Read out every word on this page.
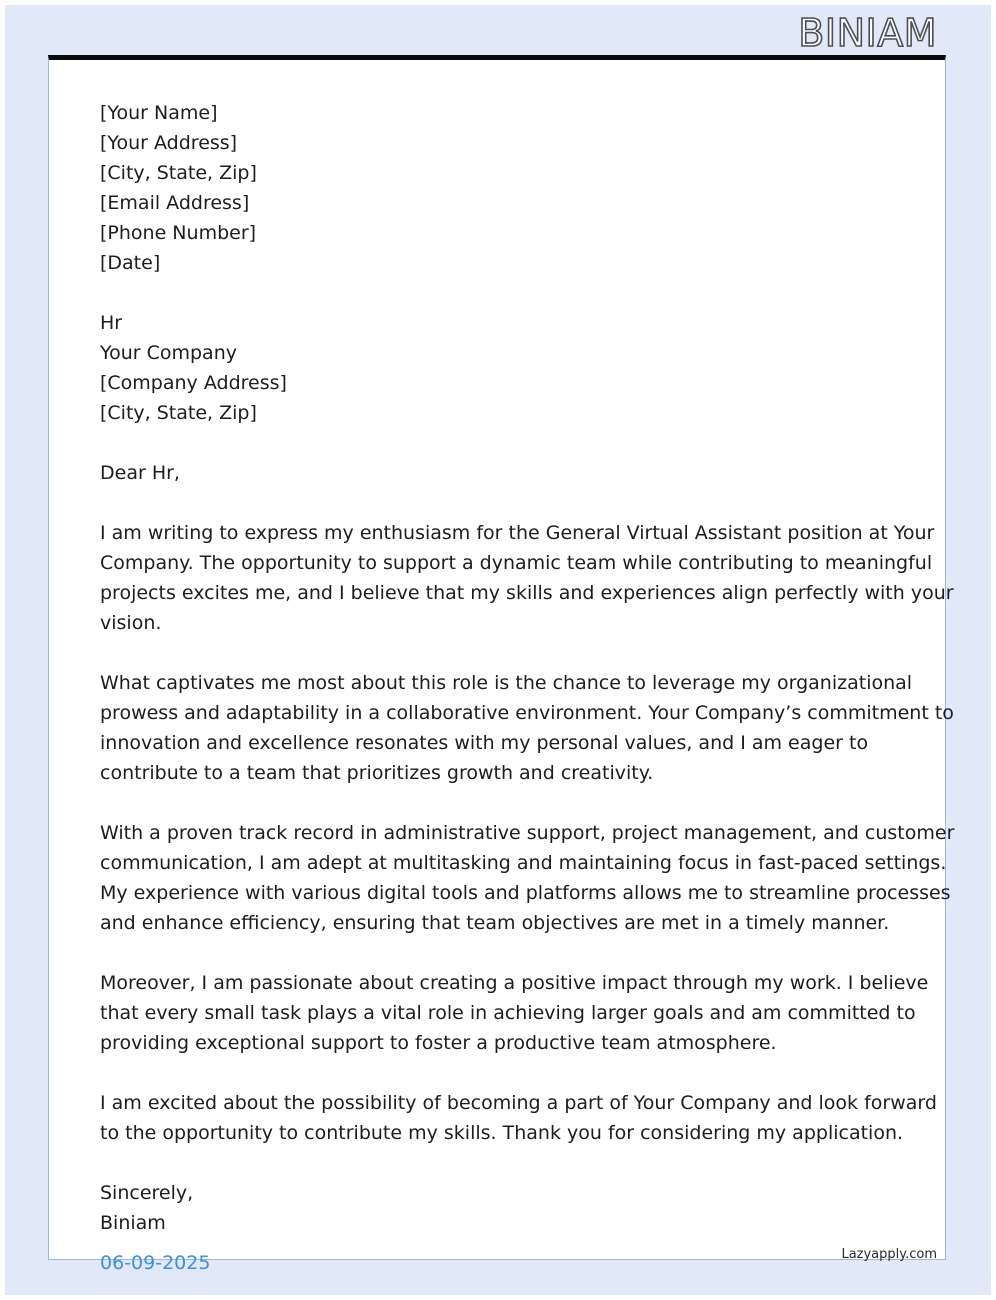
BINIAM

[Your Name]
[Your Address]
[City, State, Zip]
[Email Address]
[Phone Number]
[Date]

Hr
Your Company
[Company Address]
[City, State, Zip]

Dear Hr,

I am writing to express my enthusiasm for the General Virtual Assistant position at Your
Company. The opportunity to support a dynamic team while contributing to meaningful
projects excites me, and I believe that my skills and experiences align perfectly with your
vision.

What captivates me most about this role is the chance to leverage my organizational
prowess and adaptability in a collaborative environment. Your Company’s commitment to
innovation and excellence resonates with my personal values, and I am eager to
contribute to a team that prioritizes growth and creativity.

With a proven track record in administrative support, project management, and customer
communication, I am adept at multitasking and maintaining focus in fast-paced settings.
My experience with various digital tools and platforms allows me to streamline processes
and enhance efficiency, ensuring that team objectives are met in a timely manner.

Moreover, I am passionate about creating a positive impact through my work. I believe
that every small task plays a vital role in achieving larger goals and am committed to
providing exceptional support to foster a productive team atmosphere.

I am excited about the possibility of becoming a part of Your Company and look forward
to the opportunity to contribute my skills. Thank you for considering my application.

Sincerely,
Biniam

06-09-2025	Lazyapply.com
